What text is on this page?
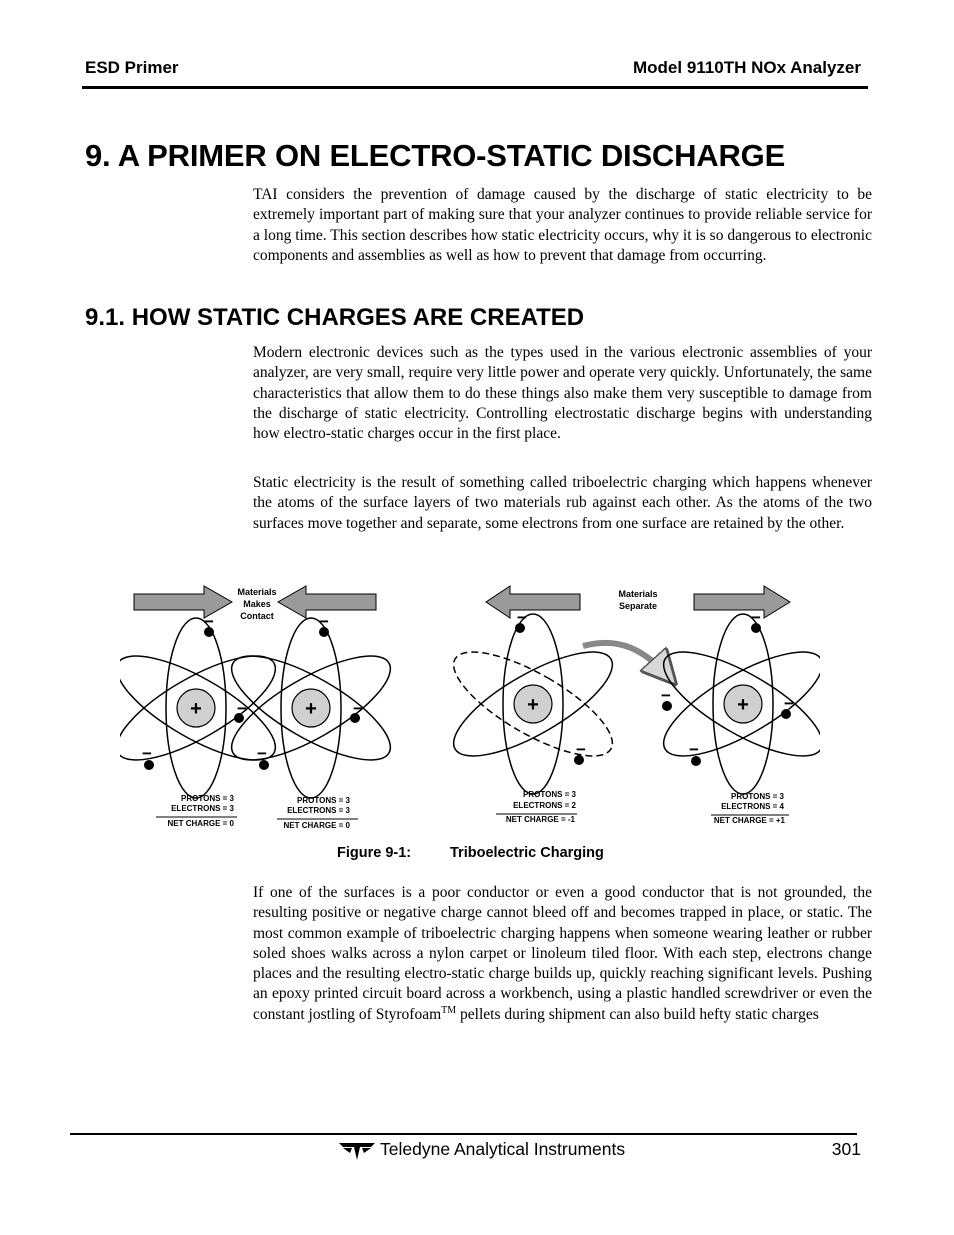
ESD Primer	Model 9110TH NOx Analyzer
9. A PRIMER ON ELECTRO-STATIC DISCHARGE

TAI considers the prevention of damage caused by the discharge of static electricity to be extremely important part of making sure that your analyzer continues to provide reliable service for a long time. This section describes how static electricity occurs, why it is so dangerous to electronic components and assemblies as well as how to prevent that damage from occurring.

9.1. HOW STATIC CHARGES ARE CREATED

Modern electronic devices such as the types used in the various electronic assemblies of your analyzer, are very small, require very little power and operate very quickly. Unfortunately, the same characteristics that allow them to do these things also make them very susceptible to damage from the discharge of static electricity. Controlling electrostatic discharge begins with understanding how electro-static charges occur in the first place.

Static electricity is the result of something called triboelectric charging which happens whenever the atoms of the surface layers of two materials rub against each other. As the atoms of the two surfaces move together and separate, some electrons from one surface are retained by the other.

Materials
Makes
Contact
Materials
Separate
+
−
−
−
+
−
−
−
+
−
−
+
−
−	−
−
PROTONS = 3
ELECTRONS = 3
NET CHARGE = 0
PROTONS = 3
ELECTRONS = 3
NET CHARGE = 0
PROTONS = 3
ELECTRONS = 2
NET CHARGE = -1
PROTONS = 3
ELECTRONS = 4
NET CHARGE = +1
Figure 9-1:	Triboelectric Charging

If one of the surfaces is a poor conductor or even a good conductor that is not grounded, the resulting positive or negative charge cannot bleed off and becomes trapped in place, or static. The most common example of triboelectric charging happens when someone wearing leather or rubber soled shoes walks across a nylon carpet or linoleum tiled floor. With each step, electrons change places and the resulting electro-static charge builds up, quickly reaching significant levels. Pushing an epoxy printed circuit board across a workbench, using a plastic handled screwdriver or even the constant jostling of Styrofoam™ pellets during shipment can also build hefty static charges

Teledyne Analytical Instruments	301
